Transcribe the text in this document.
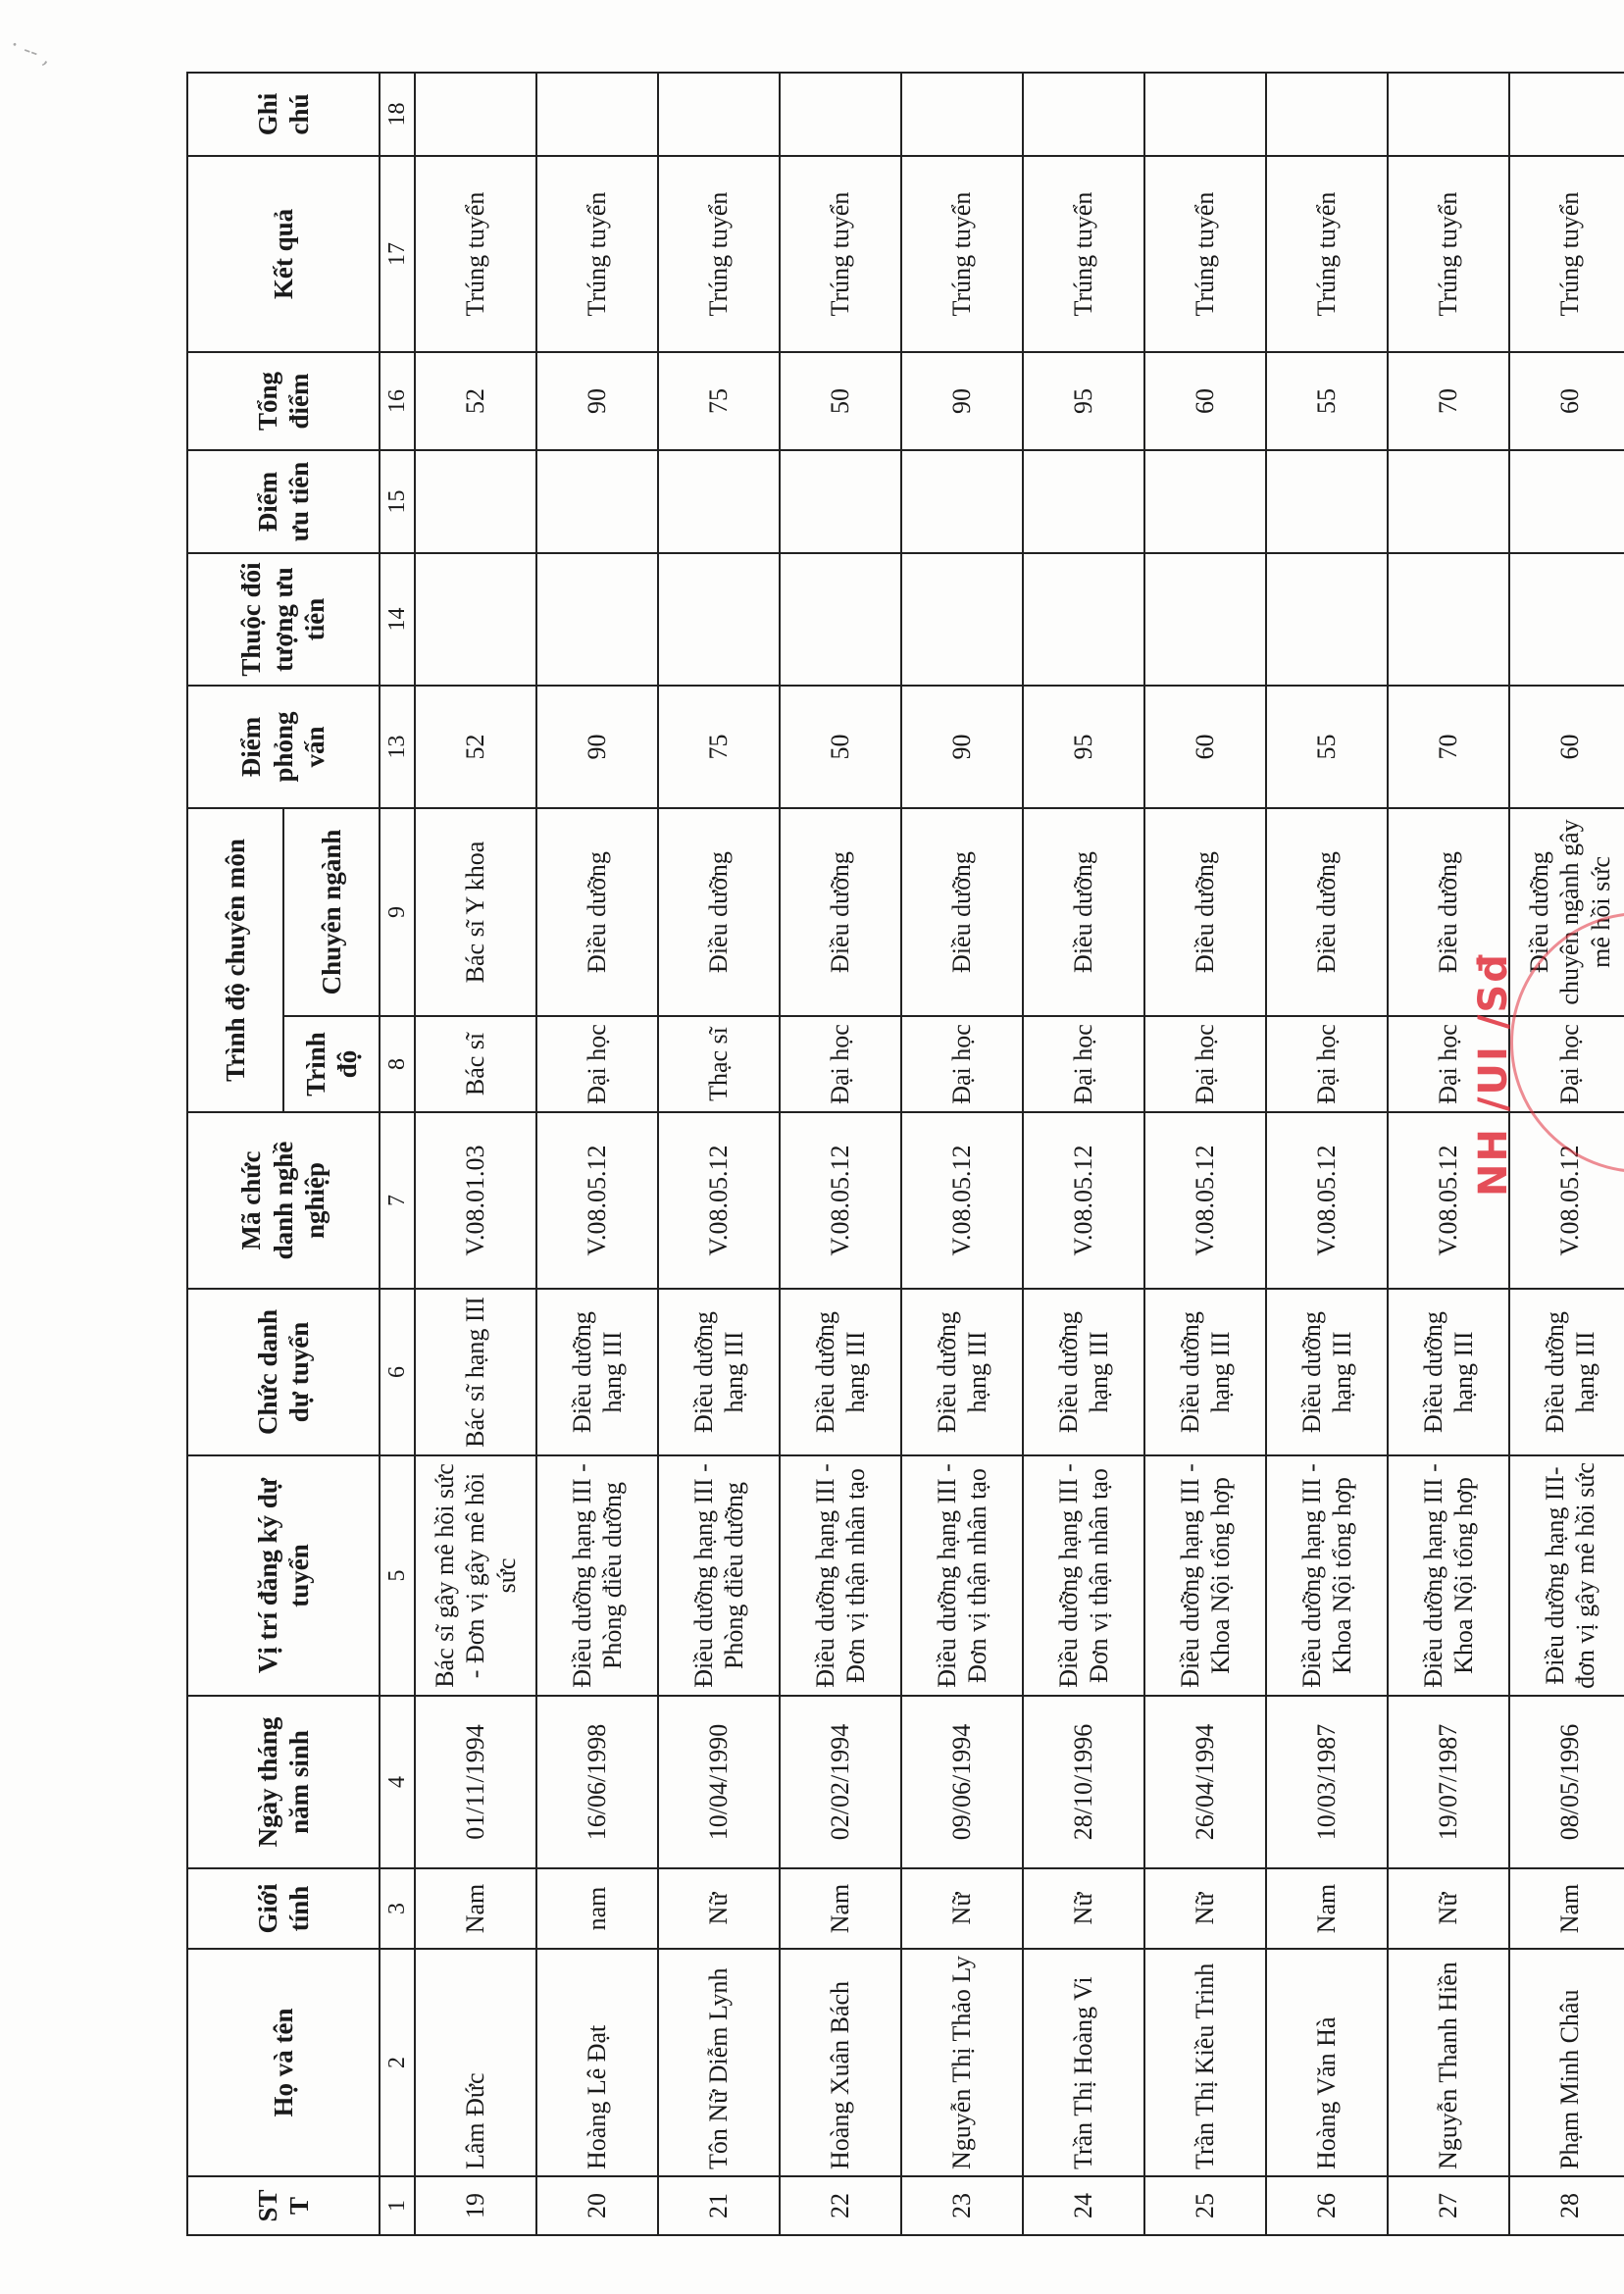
· -- ,
ST T	Họ và tên	Giới tính	Ngày tháng năm sinh	Vị trí đăng ký dự tuyển	Chức danh dự tuyển	Mã chức danh nghề nghiệp	Trình độ chuyên môn		Điểm phỏng vấn	Thuộc đối tượng ưu tiên	Điểm ưu tiên	Tổng điểm	Kết quả	Ghi chú
							Trình độ	Chuyên ngành						
1	2	3	4	5	6	7	8	9	13	14	15	16	17	18
19	Lâm Đức	Nam	01/11/1994	Bác sĩ gây mê hồi sức - Đơn vị gây mê hồi sức	Bác sĩ hạng III	V.08.01.03	Bác sĩ	Bác sĩ Y khoa	52			52	Trúng tuyển	
20	Hoàng Lê Đạt	nam	16/06/1998	Điều dưỡng hạng III - Phòng điều dưỡng	Điều dưỡng hạng III	V.08.05.12	Đại học	Điều dưỡng	90			90	Trúng tuyển	
21	Tôn Nữ Diễm Lynh	Nữ	10/04/1990	Điều dưỡng hạng III - Phòng điều dưỡng	Điều dưỡng hạng III	V.08.05.12	Thạc sĩ	Điều dưỡng	75			75	Trúng tuyển	
22	Hoàng Xuân Bách	Nam	02/02/1994	Điều dưỡng hạng III - Đơn vị thận nhân tạo	Điều dưỡng hạng III	V.08.05.12	Đại học	Điều dưỡng	50			50	Trúng tuyển	
23	Nguyễn Thị Thảo Ly	Nữ	09/06/1994	Điều dưỡng hạng III - Đơn vị thận nhân tạo	Điều dưỡng hạng III	V.08.05.12	Đại học	Điều dưỡng	90			90	Trúng tuyển	
24	Trần Thị Hoàng Vi	Nữ	28/10/1996	Điều dưỡng hạng III - Đơn vị thận nhân tạo	Điều dưỡng hạng III	V.08.05.12	Đại học	Điều dưỡng	95			95	Trúng tuyển	
25	Trần Thị Kiều Trinh	Nữ	26/04/1994	Điều dưỡng hạng III - Khoa Nội tổng hợp	Điều dưỡng hạng III	V.08.05.12	Đại học	Điều dưỡng	60			60	Trúng tuyển	
26	Hoàng Văn Hà	Nam	10/03/1987	Điều dưỡng hạng III - Khoa Nội tổng hợp	Điều dưỡng hạng III	V.08.05.12	Đại học	Điều dưỡng	55			55	Trúng tuyển	
27	Nguyễn Thanh Hiền	Nữ	19/07/1987	Điều dưỡng hạng III - Khoa Nội tổng hợp	Điều dưỡng hạng III	V.08.05.12	Đại học	Điều dưỡng	70			70	Trúng tuyển	
28	Phạm Minh Châu	Nam	08/05/1996	Điều dưỡng hạng III- đơn vị gây mê hồi sức	Điều dưỡng hạng III	V.08.05.12	Đại học	Điều dưỡng chuyên ngành gây mê hồi sức	60			60	Trúng tuyển	
NH /UI /Sđ
